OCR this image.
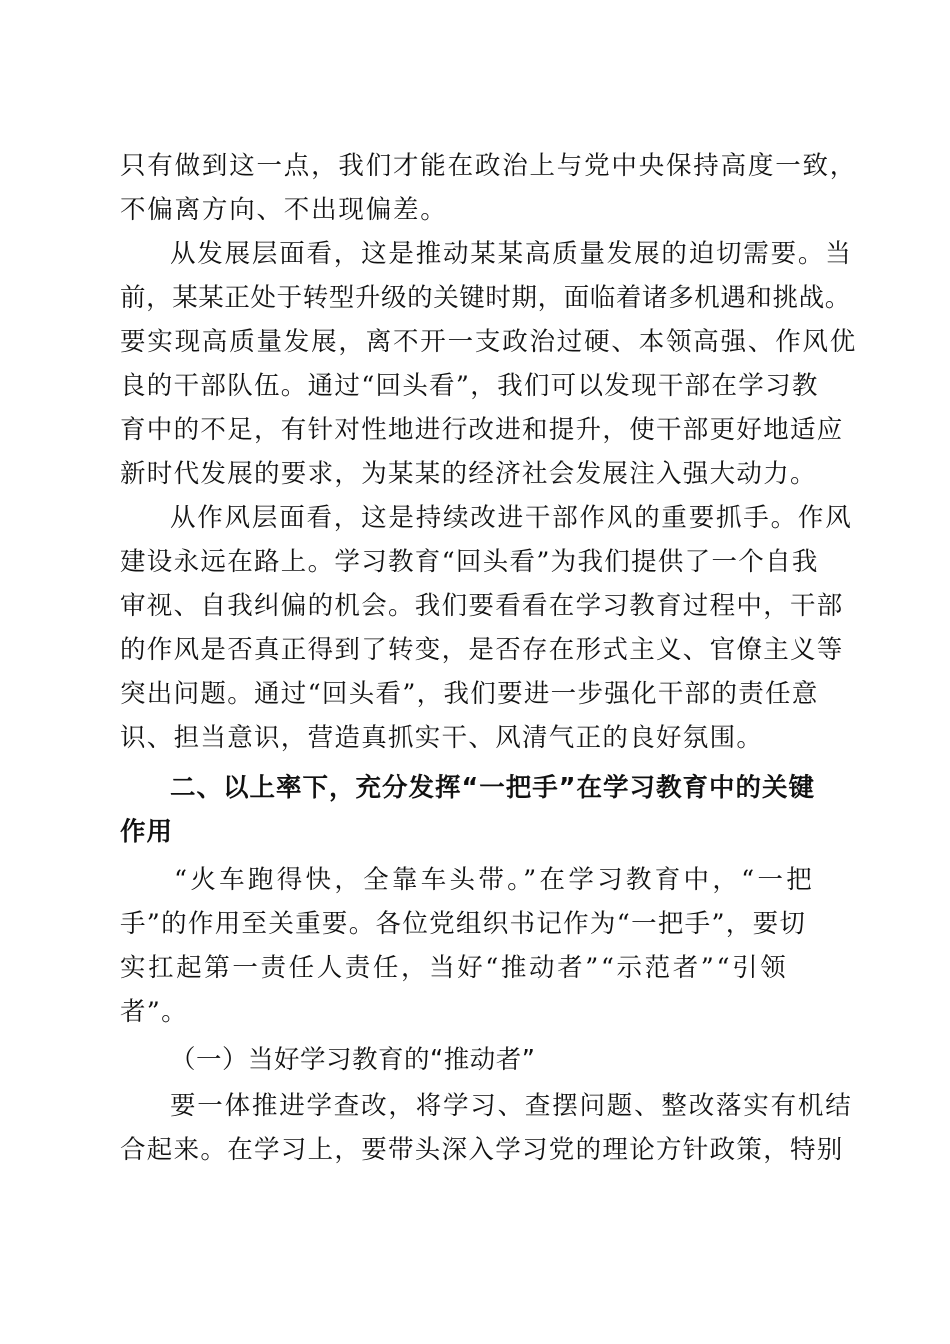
只有做到这一点，我们才能在政治上与党中央保持高度一致，
不偏离方向、不出现偏差。
从发展层面看，这是推动某某高质量发展的迫切需要。当
前，某某正处于转型升级的关键时期，面临着诸多机遇和挑战。
要实现高质量发展，离不开一支政治过硬、本领高强、作风优
良的干部队伍。通过“回头看”，我们可以发现干部在学习教
育中的不足，有针对性地进行改进和提升，使干部更好地适应
新时代发展的要求，为某某的经济社会发展注入强大动力。
从作风层面看，这是持续改进干部作风的重要抓手。作风
建设永远在路上。学习教育“回头看”为我们提供了一个自我
审视、自我纠偏的机会。我们要看看在学习教育过程中，干部
的作风是否真正得到了转变，是否存在形式主义、官僚主义等
突出问题。通过“回头看”，我们要进一步强化干部的责任意
识、担当意识，营造真抓实干、风清气正的良好氛围。
二、以上率下，充分发挥“一把手”在学习教育中的关键
作用
“火车跑得快，全靠车头带。”在学习教育中，“一把
手”的作用至关重要。各位党组织书记作为“一把手”，要切
实扛起第一责任人责任，当好“推动者”“示范者”“引领
者”。
（一）当好学习教育的“推动者”
要一体推进学查改，将学习、查摆问题、整改落实有机结
合起来。在学习上，要带头深入学习党的理论方针政策，特别
